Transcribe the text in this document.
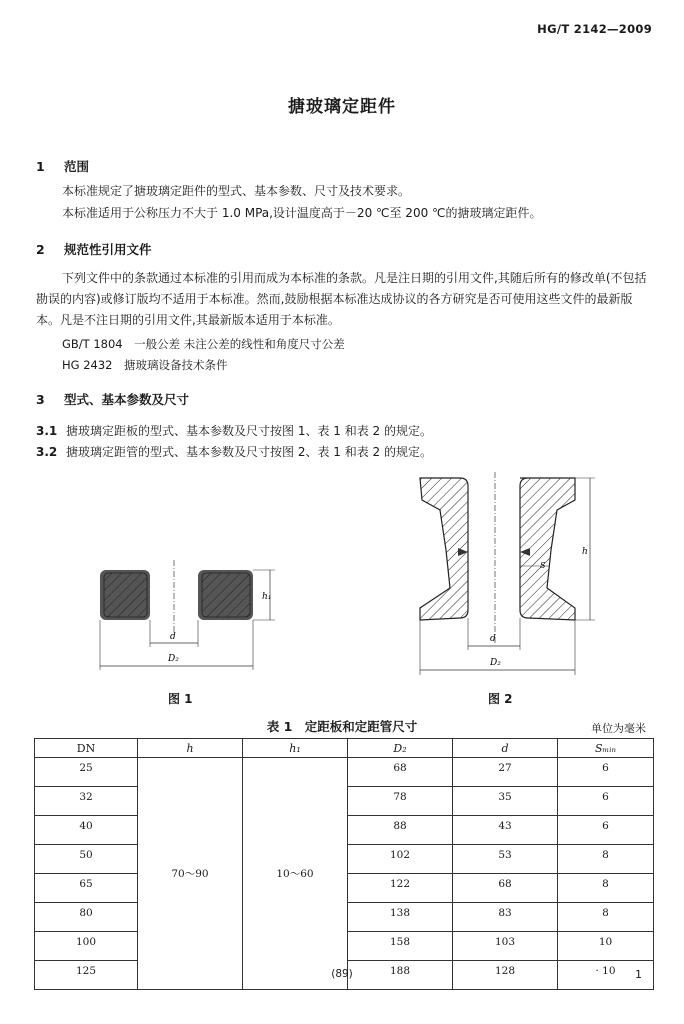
HG/T 2142—2009
搪玻璃定距件
1 范围
本标准规定了搪玻璃定距件的型式、基本参数、尺寸及技术要求。
本标准适用于公称压力不大于 1.0 MPa,设计温度高于－20 ℃至 200 ℃的搪玻璃定距件。
2 规范性引用文件
下列文件中的条款通过本标准的引用而成为本标准的条款。凡是注日期的引用文件,其随后所有的修改单(不包括勘误的内容)或修订版均不适用于本标准。然而,鼓励根据本标准达成协议的各方研究是否可使用这些文件的最新版本。凡是不注日期的引用文件,其最新版本适用于本标准。
GB/T 1804　 一般公差 未注公差的线性和角度尺寸公差
HG 2432　 搪玻璃设备技术条件
3 型式、基本参数及尺寸
3.1 搪玻璃定距板的型式、基本参数及尺寸按图 1、表 1 和表 2 的规定。
3.2 搪玻璃定距管的型式、基本参数及尺寸按图 2、表 1 和表 2 的规定。
h₁
d
D₂
图 1
S
h
d
D₂
图 2
表 1　定距板和定距管尺寸	单位为毫米
DN	h	h₁	D₂	d	Sₘᵢₙ
25	70～90	10～60	68	27	6
32			78	35	6
40			88	43	6
50			102	53	8
65			122	68	8
80			138	83	8
100			158	103	10
125			188	128	· 10
(89)	1
